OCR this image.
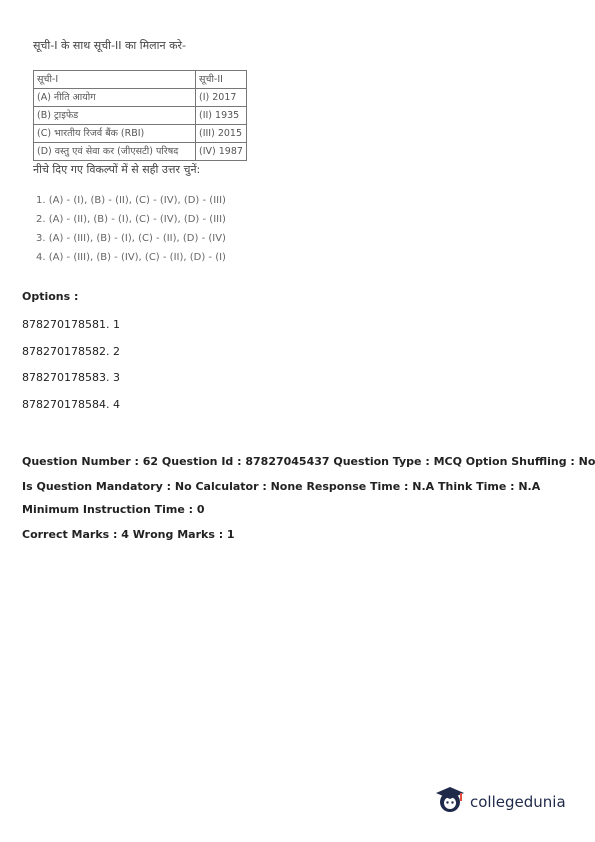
सूची-I के साथ सूची-II का मिलान करे-
सूची-I	सूची-II
(A) नीति आयोग	(I) 2017
(B) ट्राइफेड	(II) 1935
(C) भारतीय रिजर्व बैंक (RBI)	(III) 2015
(D) वस्तु एवं सेवा कर (जीएसटी) परिषद	(IV) 1987
नीचे दिए गए विकल्पों में से सही उत्तर चुनें:
1. (A) - (I), (B) - (II), (C) - (IV), (D) - (III)
2. (A) - (II), (B) - (I), (C) - (IV), (D) - (III)
3. (A) - (III), (B) - (I), (C) - (II), (D) - (IV)
4. (A) - (III), (B) - (IV), (C) - (II), (D) - (I)
Options :
878270178581. 1
878270178582. 2
878270178583. 3
878270178584. 4
Question Number : 62 Question Id : 87827045437 Question Type : MCQ Option Shuffling : No
Is Question Mandatory : No Calculator : None Response Time : N.A Think Time : N.A
Minimum Instruction Time : 0
Correct Marks : 4 Wrong Marks : 1
collegedunia
